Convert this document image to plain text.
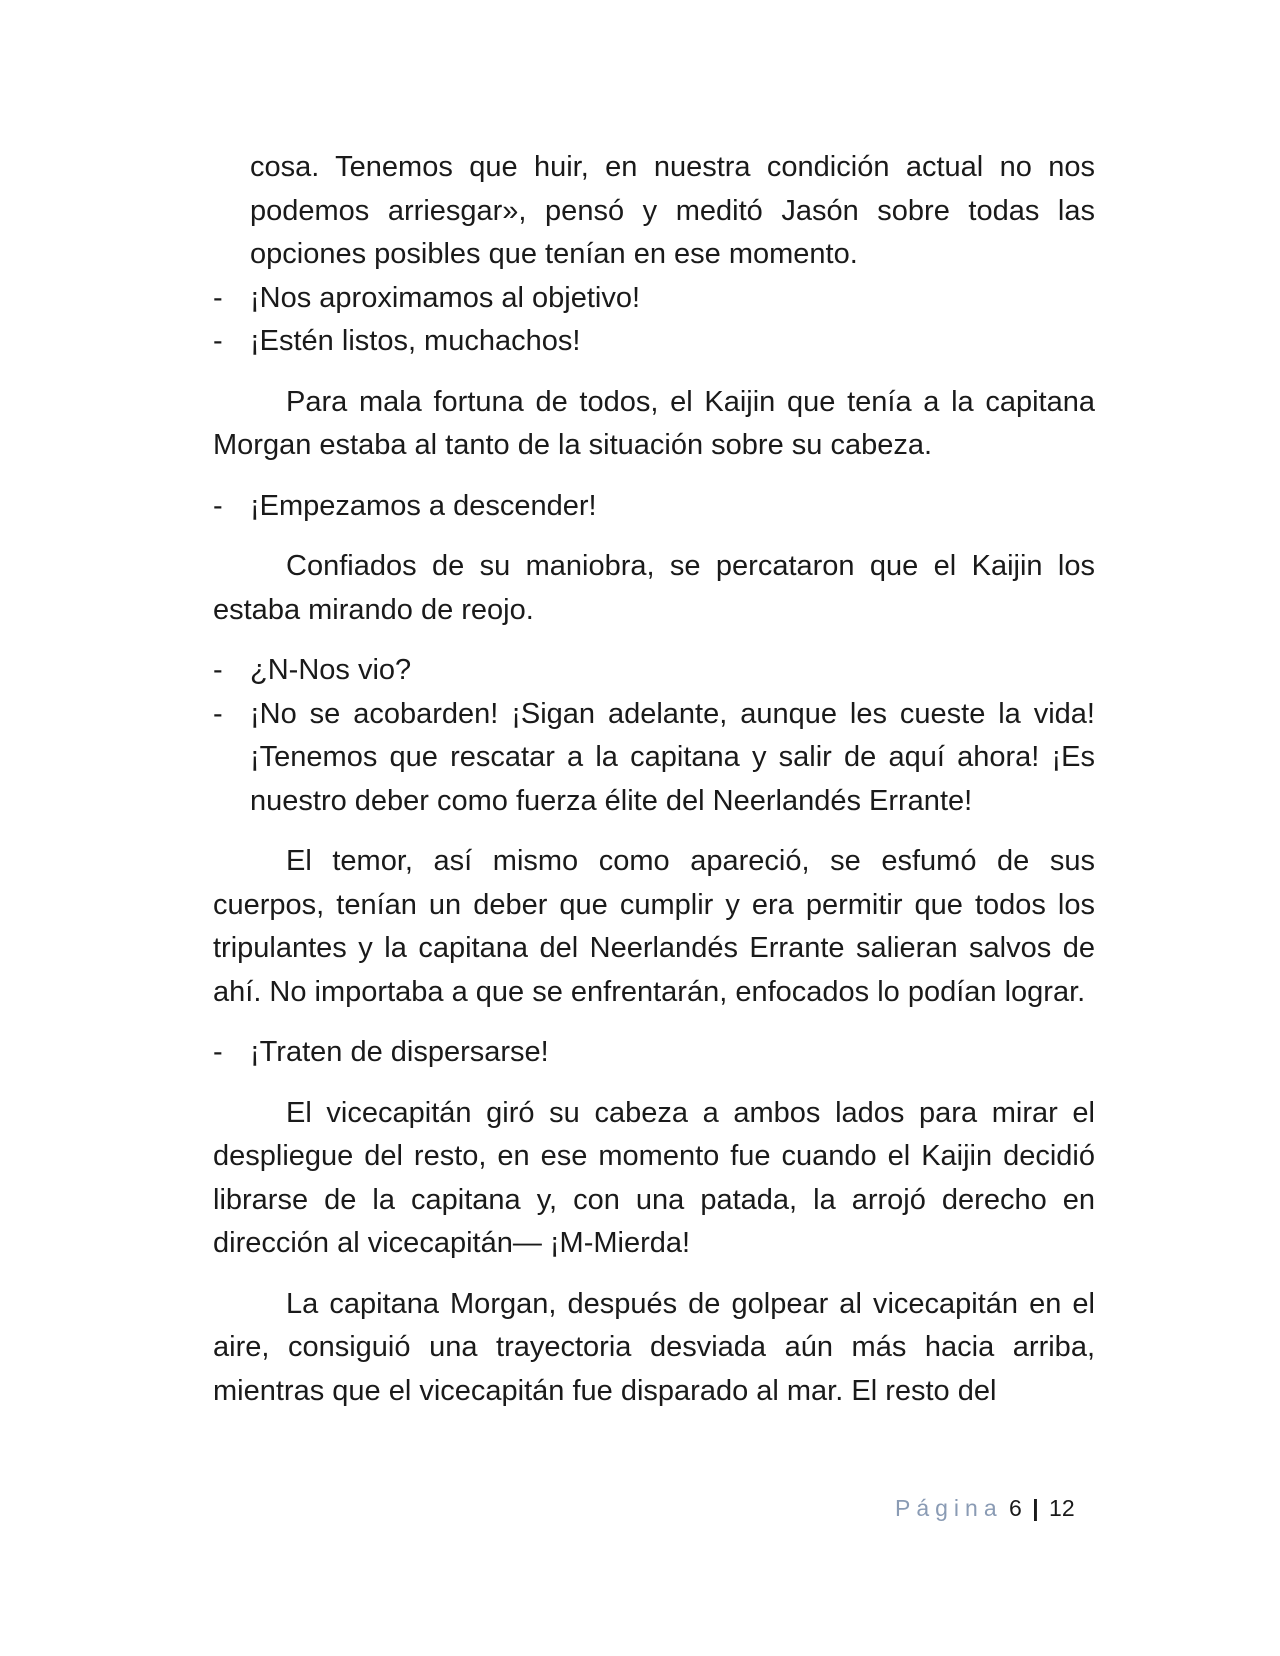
cosa. Tenemos que huir, en nuestra condición actual no nos podemos arriesgar», pensó y meditó Jasón sobre todas las opciones posibles que tenían en ese momento.

- ¡Nos aproximamos al objetivo!

- ¡Estén listos, muchachos!

Para mala fortuna de todos, el Kaijin que tenía a la capitana Morgan estaba al tanto de la situación sobre su cabeza.

- ¡Empezamos a descender!

Confiados de su maniobra, se percataron que el Kaijin los estaba mirando de reojo.

- ¿N-Nos vio?

- ¡No se acobarden! ¡Sigan adelante, aunque les cueste la vida! ¡Tenemos que rescatar a la capitana y salir de aquí ahora! ¡Es nuestro deber como fuerza élite del Neerlandés Errante!

El temor, así mismo como apareció, se esfumó de sus cuerpos, tenían un deber que cumplir y era permitir que todos los tripulantes y la capitana del Neerlandés Errante salieran salvos de ahí. No importaba a que se enfrentarán, enfocados lo podían lograr.

- ¡Traten de dispersarse!

El vicecapitán giró su cabeza a ambos lados para mirar el despliegue del resto, en ese momento fue cuando el Kaijin decidió librarse de la capitana y, con una patada, la arrojó derecho en dirección al vicecapitán— ¡M-Mierda!

La capitana Morgan, después de golpear al vicecapitán en el aire, consiguió una trayectoria desviada aún más hacia arriba, mientras que el vicecapitán fue disparado al mar. El resto del

Página 6 | 12
